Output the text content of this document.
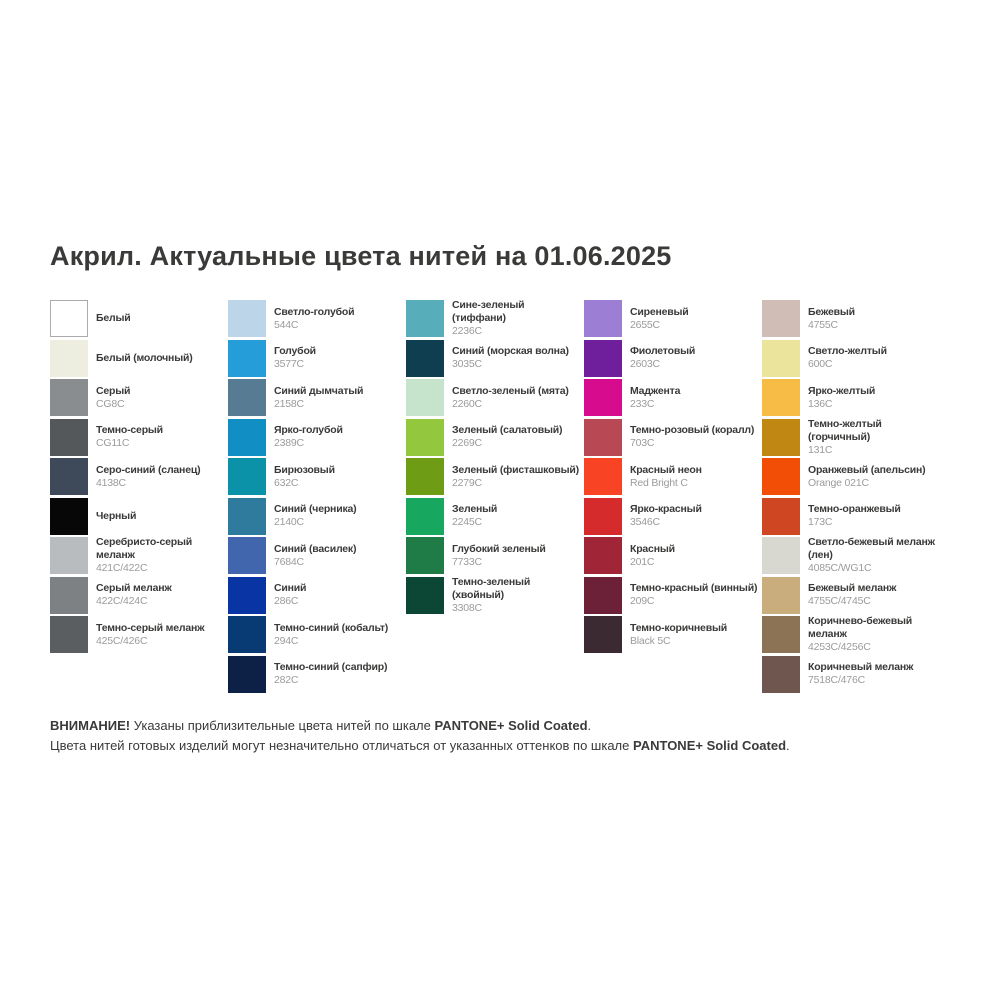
Акрил. Актуальные цвета нитей на 01.06.2025
Белый
Белый (молочный)
Серый
CG8C
Темно-серый
CG11C
Серо-синий (сланец)
4138C
Черный
Серебристо-серый меланж
421C/422C
Серый меланж
422C/424C
Темно-серый меланж
425C/426C
Светло-голубой
544C
Голубой
3577C
Синий дымчатый
2158C
Ярко-голубой
2389C
Бирюзовый
632C
Синий (черника)
2140C
Синий (василек)
7684C
Синий
286C
Темно-синий (кобальт)
294C
Темно-синий (сапфир)
282C
Сине-зеленый (тиффани)
2236C
Синий (морская волна)
3035C
Светло-зеленый (мята)
2260C
Зеленый (салатовый)
2269C
Зеленый (фисташковый)
2279C
Зеленый
2245C
Глубокий зеленый
7733C
Темно-зеленый (хвойный)
3308C
Сиреневый
2655C
Фиолетовый
2603C
Маджента
233C
Темно-розовый (коралл)
703C
Красный неон
Red Bright C
Ярко-красный
3546C
Красный
201C
Темно-красный (винный)
209C
Темно-коричневый
Black 5C
Бежевый
4755C
Светло-желтый
600C
Ярко-желтый
136C
Темно-желтый (горчичный)
131C
Оранжевый (апельсин)
Orange 021C
Темно-оранжевый
173C
Светло-бежевый меланж (лен)
4085C/WG1C
Бежевый меланж
4755C/4745C
Коричнево-бежевый меланж
4253C/4256C
Коричневый меланж
7518C/476C

ВНИМАНИЕ! Указаны приблизительные цвета нитей по шкале PANTONE+ Solid Coated.

Цвета нитей готовых изделий могут незначительно отличаться от указанных оттенков по шкале PANTONE+ Solid Coated.
